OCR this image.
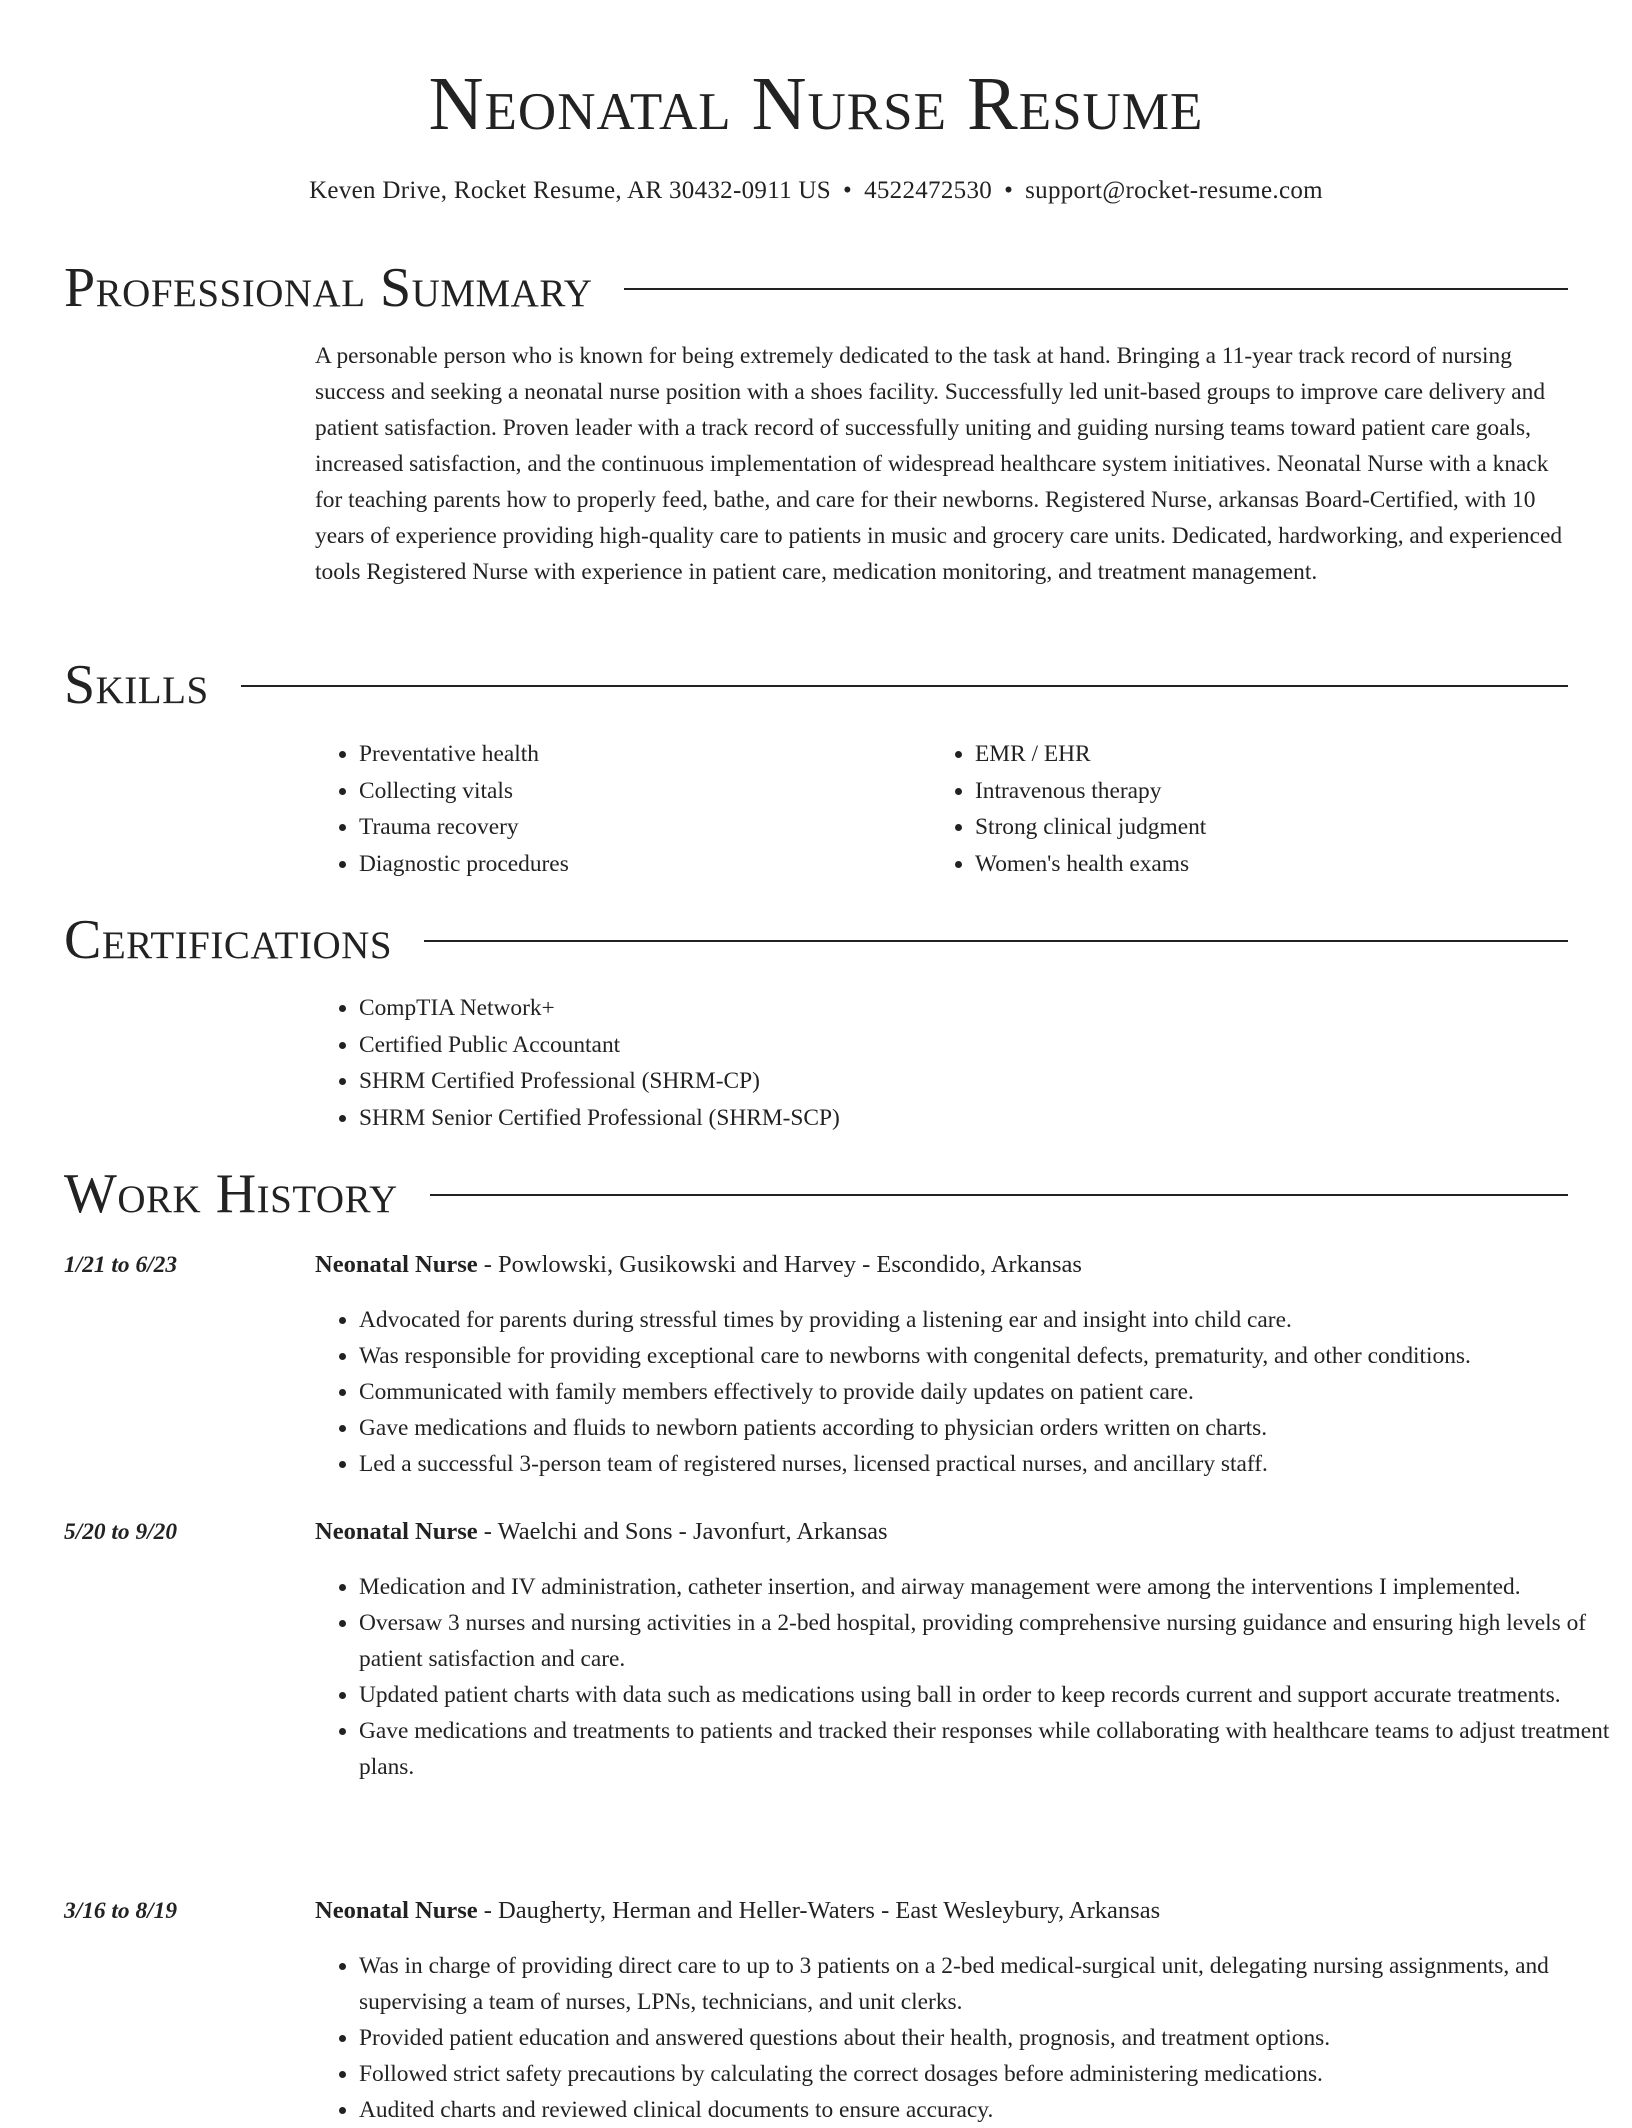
Neonatal Nurse Resume
Keven Drive, Rocket Resume, AR 30432-0911 US • 4522472530 • support@rocket-resume.com
Professional Summary

A personable person who is known for being extremely dedicated to the task at hand. Bringing a 11-year track record of nursing success and seeking a neonatal nurse position with a shoes facility. Successfully led unit-based groups to improve care delivery and patient satisfaction. Proven leader with a track record of successfully uniting and guiding nursing teams toward patient care goals, increased satisfaction, and the continuous implementation of widespread healthcare system initiatives. Neonatal Nurse with a knack for teaching parents how to properly feed, bathe, and care for their newborns. Registered Nurse, arkansas Board-Certified, with 10 years of experience providing high-quality care to patients in music and grocery care units. Dedicated, hardworking, and experienced tools Registered Nurse with experience in patient care, medication monitoring, and treatment management.

Skills
• Preventative health
• Collecting vitals
• Trauma recovery
• Diagnostic procedures
• EMR / EHR
• Intravenous therapy
• Strong clinical judgment
• Women's health exams
Certifications
• CompTIA Network+
• Certified Public Accountant
• SHRM Certified Professional (SHRM-CP)
• SHRM Senior Certified Professional (SHRM-SCP)
Work History
1/21 to 6/23	Neonatal Nurse - Powlowski, Gusikowski and Harvey - Escondido, Arkansas
• Advocated for parents during stressful times by providing a listening ear and insight into child care.
• Was responsible for providing exceptional care to newborns with congenital defects, prematurity, and other conditions.
• Communicated with family members effectively to provide daily updates on patient care.
• Gave medications and fluids to newborn patients according to physician orders written on charts.
• Led a successful 3-person team of registered nurses, licensed practical nurses, and ancillary staff.
5/20 to 9/20	Neonatal Nurse - Waelchi and Sons - Javonfurt, Arkansas
• Medication and IV administration, catheter insertion, and airway management were among the interventions I implemented.
• Oversaw 3 nurses and nursing activities in a 2-bed hospital, providing comprehensive nursing guidance and ensuring high levels of patient satisfaction and care.
• Updated patient charts with data such as medications using ball in order to keep records current and support accurate treatments.
• Gave medications and treatments to patients and tracked their responses while collaborating with healthcare teams to adjust treatment plans.
3/16 to 8/19	Neonatal Nurse - Daugherty, Herman and Heller-Waters - East Wesleybury, Arkansas
• Was in charge of providing direct care to up to 3 patients on a 2-bed medical-surgical unit, delegating nursing assignments, and supervising a team of nurses, LPNs, technicians, and unit clerks.
• Provided patient education and answered questions about their health, prognosis, and treatment options.
• Followed strict safety precautions by calculating the correct dosages before administering medications.
• Audited charts and reviewed clinical documents to ensure accuracy.
